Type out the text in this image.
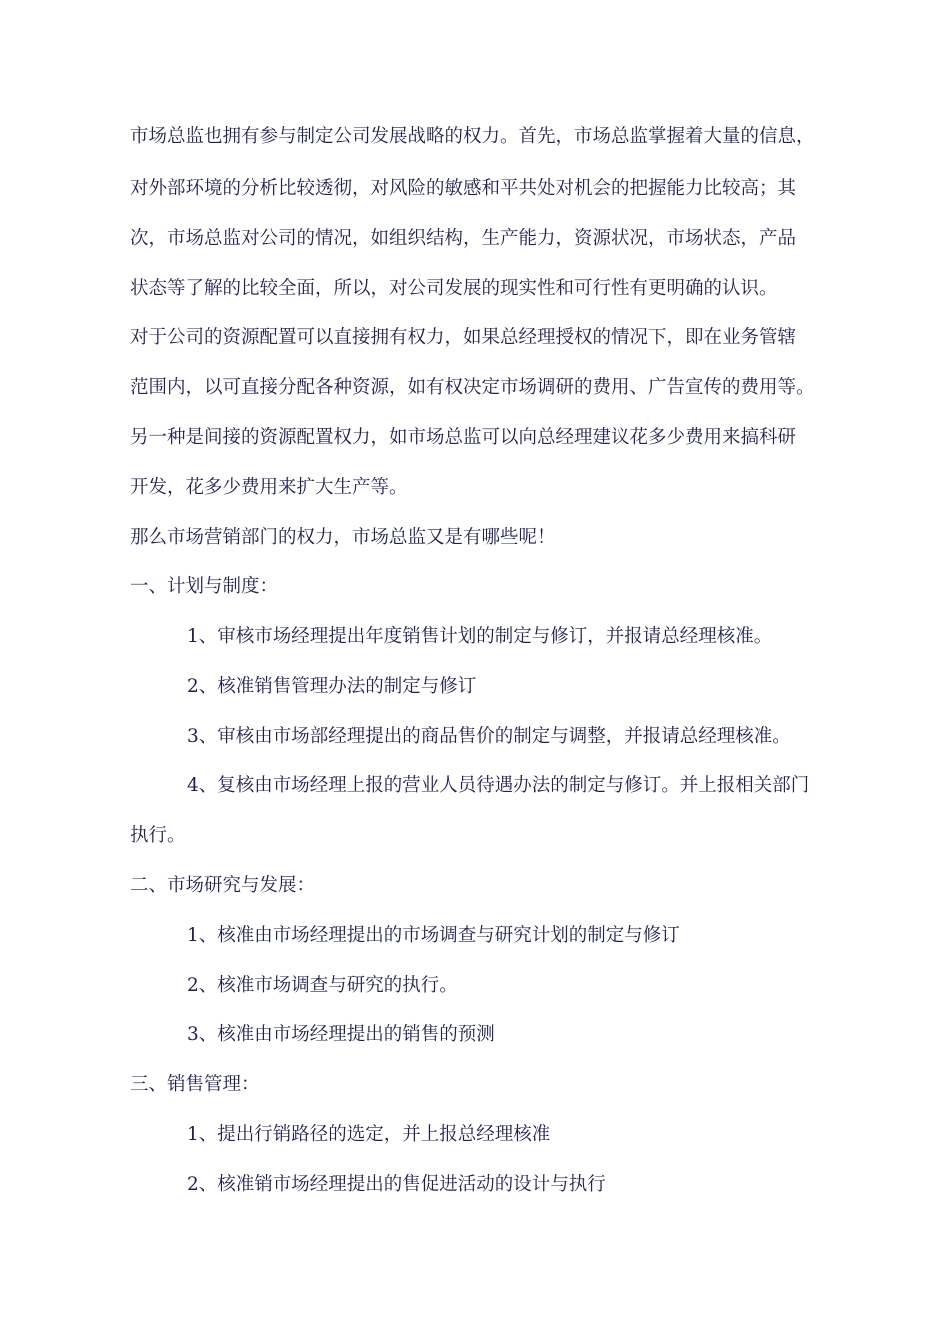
市场总监也拥有参与制定公司发展战略的权力。首先，市场总监掌握着大量的信息，
对外部环境的分析比较透彻，对风险的敏感和平共处对机会的把握能力比较高；其
次，市场总监对公司的情况，如组织结构，生产能力，资源状况，市场状态，产品
状态等了解的比较全面，所以，对公司发展的现实性和可行性有更明确的认识。
对于公司的资源配置可以直接拥有权力，如果总经理授权的情况下，即在业务管辖
范围内，以可直接分配各种资源，如有权决定市场调研的费用、广告宣传的费用等。
另一种是间接的资源配置权力，如市场总监可以向总经理建议花多少费用来搞科研
开发，花多少费用来扩大生产等。
那么市场营销部门的权力，市场总监又是有哪些呢！
一、计划与制度：
1、审核市场经理提出年度销售计划的制定与修订，并报请总经理核准。
2、核准销售管理办法的制定与修订
3、审核由市场部经理提出的商品售价的制定与调整，并报请总经理核准。
4、复核由市场经理上报的营业人员待遇办法的制定与修订。并上报相关部门
执行。
二、市场研究与发展：
1、核准由市场经理提出的市场调查与研究计划的制定与修订
2、核准市场调查与研究的执行。
3、核准由市场经理提出的销售的预测
三、销售管理：
1、提出行销路径的选定，并上报总经理核准
2、核准销市场经理提出的售促进活动的设计与执行
